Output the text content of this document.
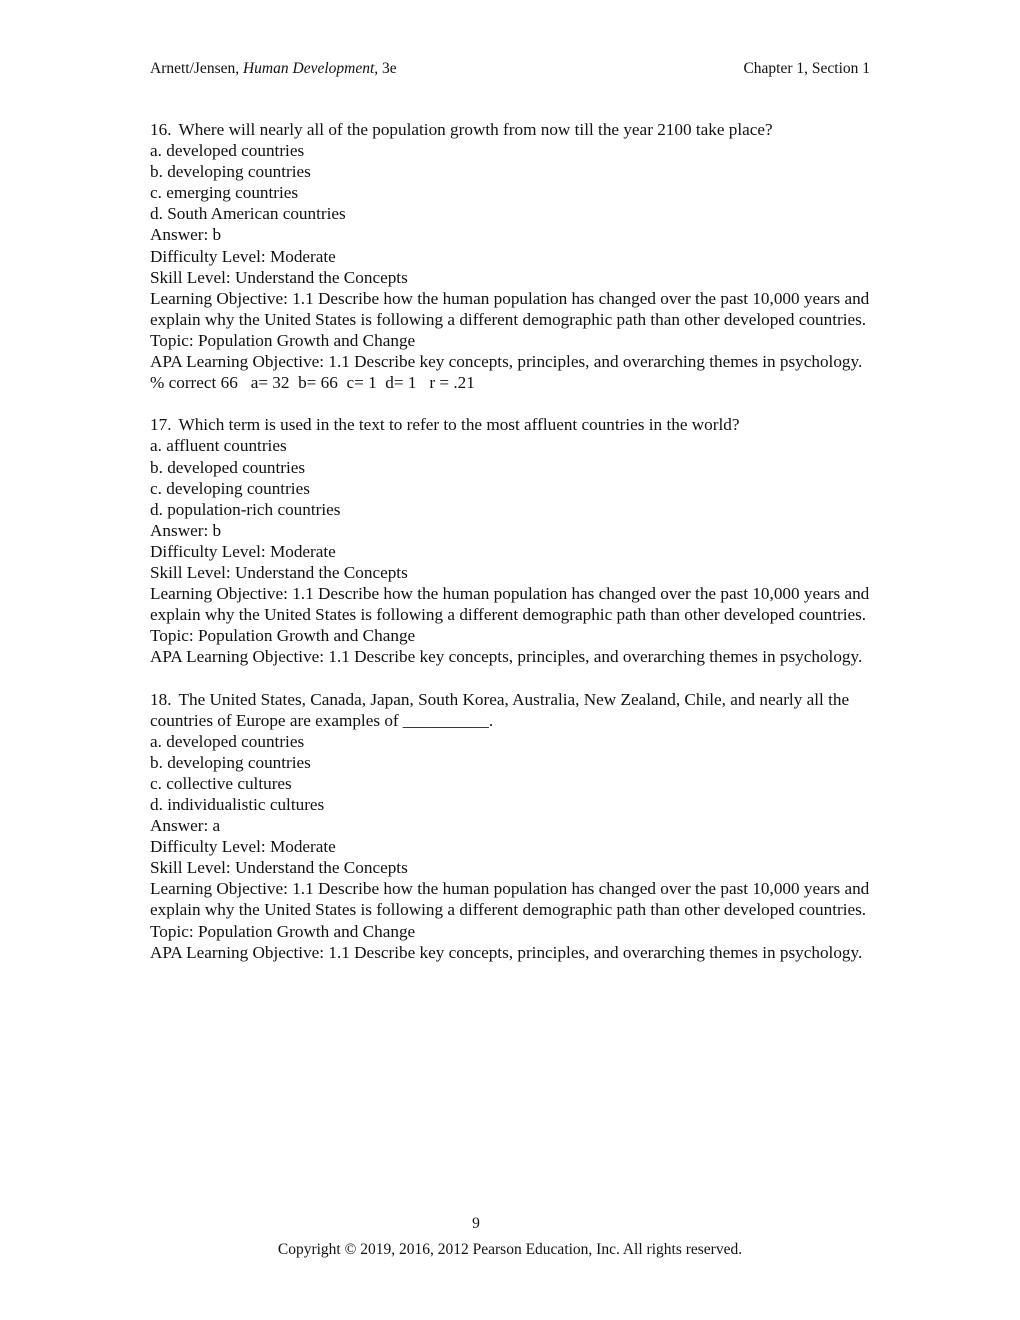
Arnett/Jensen, Human Development, 3e	Chapter 1, Section 1
16. Where will nearly all of the population growth from now till the year 2100 take place?
a. developed countries
b. developing countries
c. emerging countries
d. South American countries
Answer: b
Difficulty Level: Moderate
Skill Level: Understand the Concepts
Learning Objective: 1.1 Describe how the human population has changed over the past 10,000 years and explain why the United States is following a different demographic path than other developed countries.
Topic: Population Growth and Change
APA Learning Objective: 1.1 Describe key concepts, principles, and overarching themes in psychology.
% correct 66   a= 32  b= 66  c= 1  d= 1   r = .21
17. Which term is used in the text to refer to the most affluent countries in the world?
a. affluent countries
b. developed countries
c. developing countries
d. population-rich countries
Answer: b
Difficulty Level: Moderate
Skill Level: Understand the Concepts
Learning Objective: 1.1 Describe how the human population has changed over the past 10,000 years and explain why the United States is following a different demographic path than other developed countries.
Topic: Population Growth and Change
APA Learning Objective: 1.1 Describe key concepts, principles, and overarching themes in psychology.
18. The United States, Canada, Japan, South Korea, Australia, New Zealand, Chile, and nearly all the countries of Europe are examples of __________.
a. developed countries
b. developing countries
c. collective cultures
d. individualistic cultures
Answer: a
Difficulty Level: Moderate
Skill Level: Understand the Concepts
Learning Objective: 1.1 Describe how the human population has changed over the past 10,000 years and explain why the United States is following a different demographic path than other developed countries.
Topic: Population Growth and Change
APA Learning Objective: 1.1 Describe key concepts, principles, and overarching themes in psychology.
9
Copyright © 2019, 2016, 2012 Pearson Education, Inc. All rights reserved.
